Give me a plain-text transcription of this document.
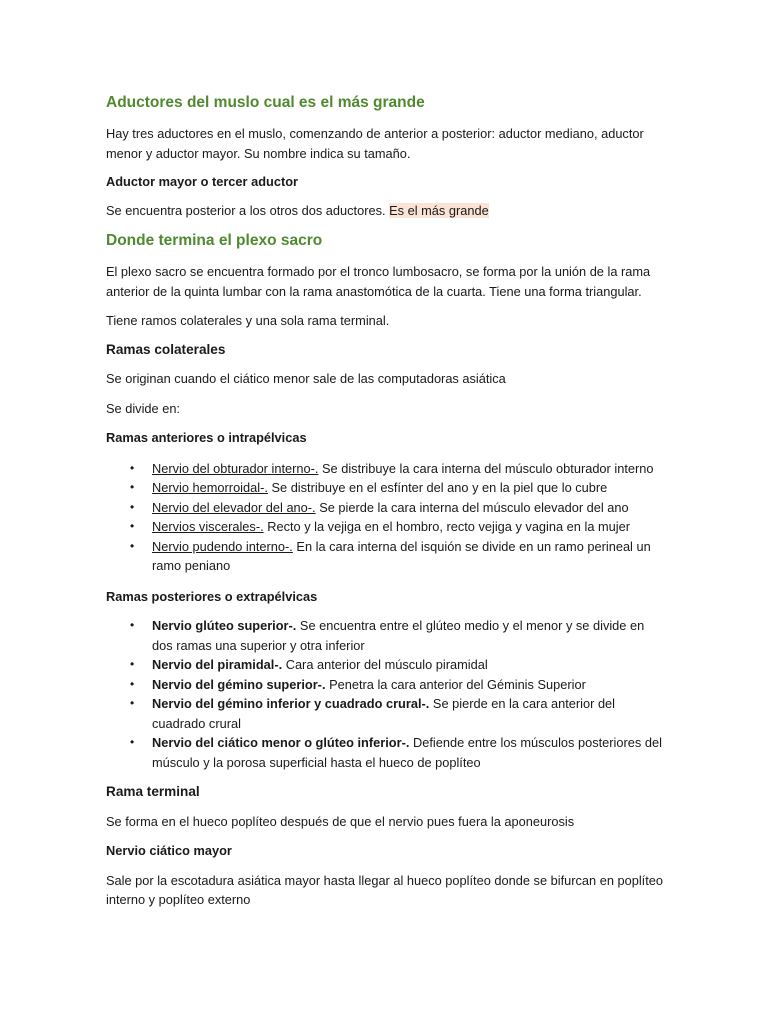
Aductores del muslo cual es el más grande

Hay tres aductores en el muslo, comenzando de anterior a posterior: aductor mediano, aductor menor y aductor mayor. Su nombre indica su tamaño.

Aductor mayor o tercer aductor

Se encuentra posterior a los otros dos aductores. Es el más grande

Donde termina el plexo sacro

El plexo sacro se encuentra formado por el tronco lumbosacro, se forma por la unión de la rama anterior de la quinta lumbar con la rama anastomótica de la cuarta. Tiene una forma triangular.

Tiene ramos colaterales y una sola rama terminal.

Ramas colaterales

Se originan cuando el ciático menor sale de las computadoras asiática

Se divide en:

Ramas anteriores o intrapélvicas

• Nervio del obturador interno-. Se distribuye la cara interna del músculo obturador interno
• Nervio hemorroidal-. Se distribuye en el esfínter del ano y en la piel que lo cubre
• Nervio del elevador del ano-. Se pierde la cara interna del músculo elevador del ano
• Nervios viscerales-. Recto y la vejiga en el hombro, recto vejiga y vagina en la mujer
• Nervio pudendo interno-. En la cara interna del isquión se divide en un ramo perineal un ramo peniano

Ramas posteriores o extrapélvicas

• Nervio glúteo superior-. Se encuentra entre el glúteo medio y el menor y se divide en dos ramas una superior y otra inferior
• Nervio del piramidal-. Cara anterior del músculo piramidal
• Nervio del gémino superior-. Penetra la cara anterior del Géminis Superior
• Nervio del gémino inferior y cuadrado crural-. Se pierde en la cara anterior del cuadrado crural
• Nervio del ciático menor o glúteo inferior-. Defiende entre los músculos posteriores del músculo y la porosa superficial hasta el hueco de poplíteo

Rama terminal

Se forma en el hueco poplíteo después de que el nervio pues fuera la aponeurosis

Nervio ciático mayor

Sale por la escotadura asiática mayor hasta llegar al hueco poplíteo donde se bifurcan en poplíteo interno y poplíteo externo
